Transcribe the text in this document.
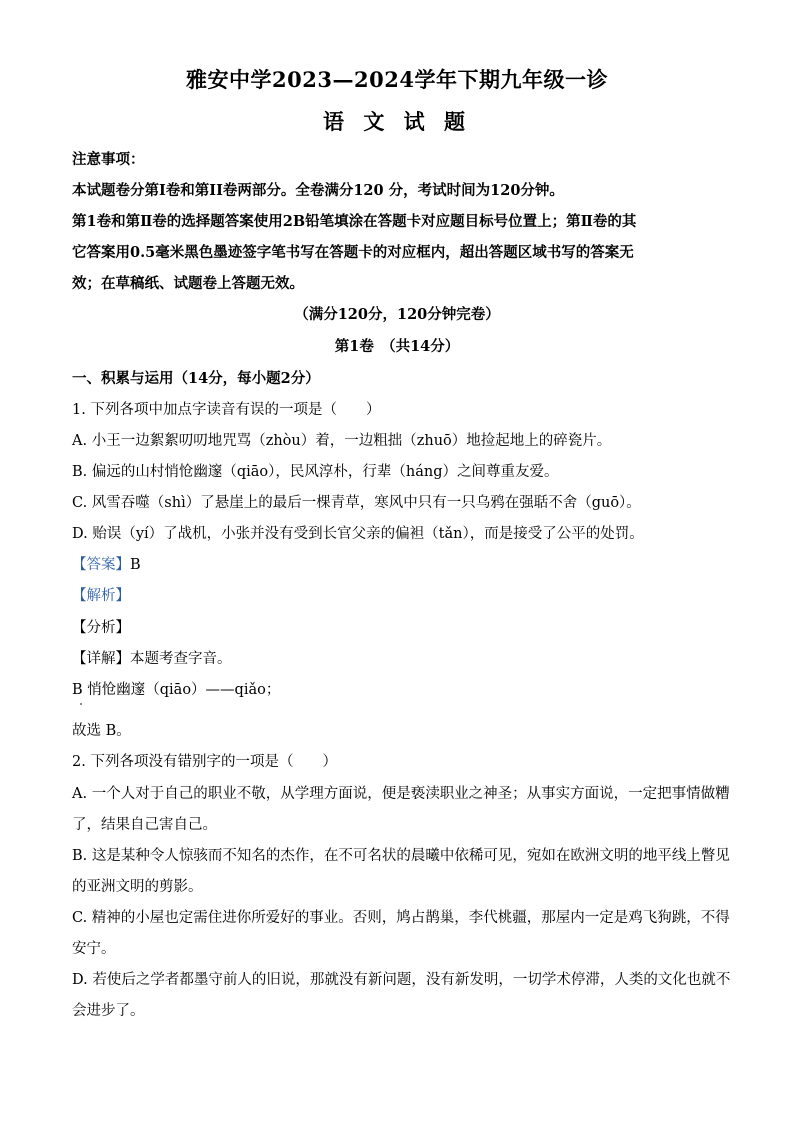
雅安中学2023—2024学年下期九年级一诊
语 文 试 题
注意事项：
本试题卷分第Ⅰ卷和第II卷两部分。全卷满分120 分，考试时间为120分钟。
第1卷和第Ⅱ卷的选择题答案使用2B铅笔填涂在答题卡对应题目标号位置上；第Ⅱ卷的其
它答案用0.5毫米黑色墨迹签字笔书写在答题卡的对应框内，超出答题区域书写的答案无
效；在草稿纸、试题卷上答题无效。
（满分120分，120分钟完卷）
第1卷　（共14分）
一、积累与运用（14分，每小题2分）
1. 下列各项中加点字读音有误的一项是（　　）
A. 小王一边絮絮叨叨地咒骂（zhòu）着，一边粗拙（zhuō）地捡起地上的碎瓷片。
B. 偏远的山村悄怆幽邃（qiāo），民风淳朴，行辈（háng）之间尊重友爱。
C. 风雪吞噬（shì）了悬崖上的最后一棵青草，寒风中只有一只乌鸦在强聒不舍（guō）。
D. 贻误（yí）了战机，小张并没有受到长官父亲的偏袒（tǎn），而是接受了公平的处罚。
【答案】B
【解析】
【分析】
【详解】本题考查字音。
B 悄怆幽邃（qiāo）——qiǎo；
故选 B。
2. 下列各项没有错别字的一项是（　　）
A. 一个人对于自己的职业不敬，从学理方面说，便是亵渎职业之神圣；从事实方面说，一定把事情做糟
了，结果自己害自己。
B. 这是某种令人惊骇而不知名的杰作，在不可名状的晨曦中依稀可见，宛如在欧洲文明的地平线上瞥见
的亚洲文明的剪影。
C. 精神的小屋也定需住进你所爱好的事业。否则，鸠占鹊巢，李代桃疆，那屋内一定是鸡飞狗跳，不得
安宁。
D. 若使后之学者都墨守前人的旧说，那就没有新问题，没有新发明，一切学术停滞，人类的文化也就不
会进步了。
